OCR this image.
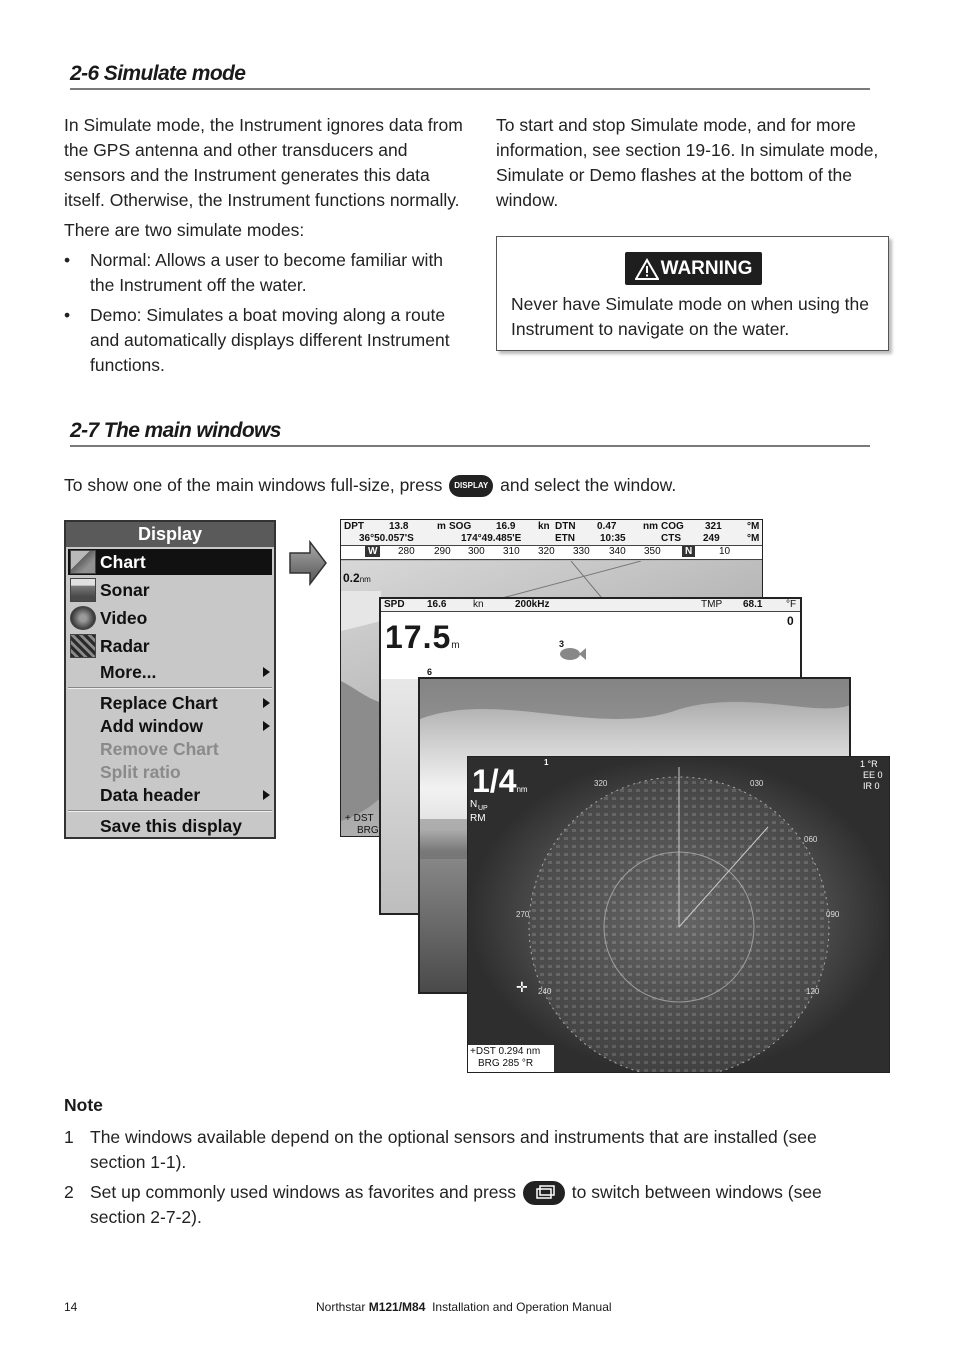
2-6 Simulate mode

In Simulate mode, the Instrument ignores data from the GPS antenna and other transducers and sensors and the Instrument generates this data itself. Otherwise, the Instrument functions normally.

There are two simulate modes:

• Normal: Allows a user to become familiar with the Instrument off the water.
• Demo: Simulates a boat moving along a route and automatically displays different Instrument functions.

To start and stop Simulate mode, and for more information, see section 19-16. In simulate mode, Simulate or Demo flashes at the bottom of the window.

WARNING
Never have Simulate mode on when using the Instrument to navigate on the water.
2-7 The main windows
To show one of the main windows full-size, press DISPLAY and select the window.
Display
Chart
Sonar
Video
Radar
More...
Replace Chart
Add window
Remove Chart
Split ratio
Data header
Save this display
DPT	13.8	m SOG 16.9 kn DTN 0.47	nm COG 321	°M
36°50.057'S	174°49.485'E	ETN	10:35	CTS 249	°M
W	280 290 300 310 320 330 340 350	N	10
0.2nm
+ DST
BRG
SPD 16.6	kn	200kHz	TMP 68.1 °F
17.5m
0
3
6
1/4nm
N UP
RM
1
320	030
060
270	090
240	120
1 °R
EE 0
IR 0
✛
+DST 0.294 nm
BRG 285 °R
Note
1 The windows available depend on the optional sensors and instruments that are installed (see section 1-1).
2 Set up commonly used windows as favorites and press	to switch between windows (see section 2-7-2).
14	Northstar M121/M84 Installation and Operation Manual
